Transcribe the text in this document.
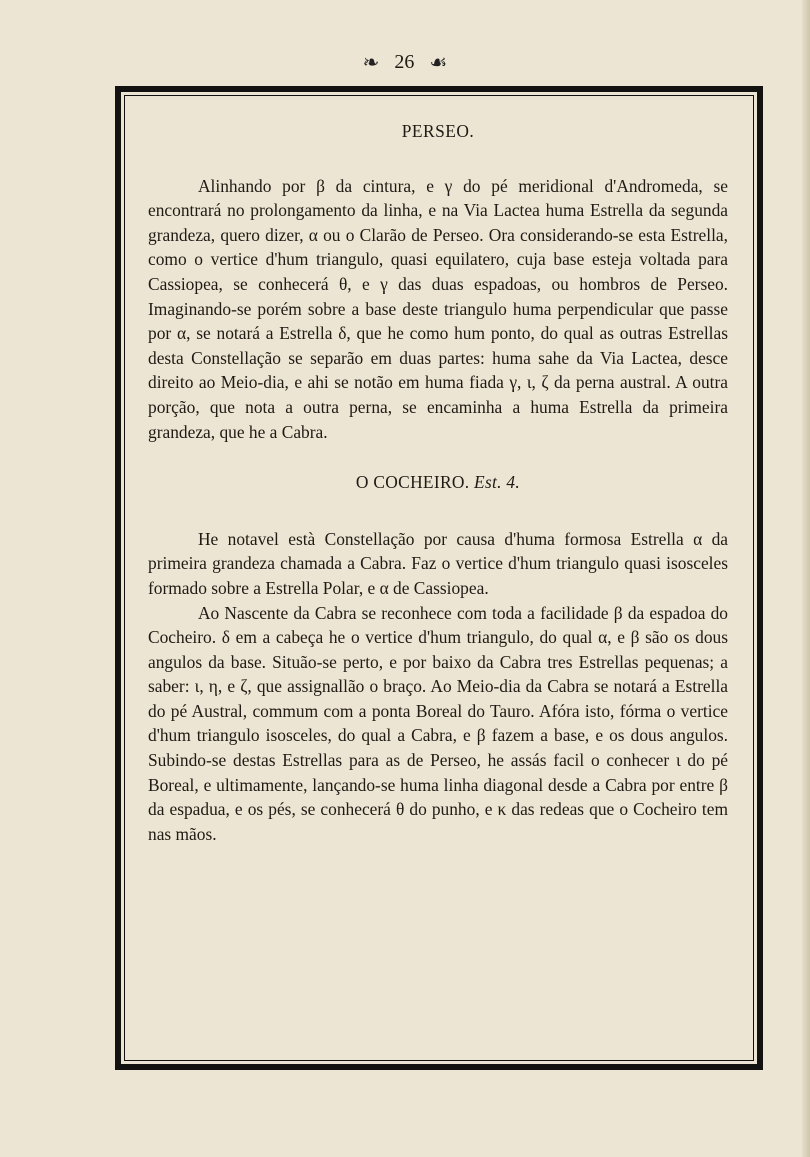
❧ 26 ☙
PERSEO.

Alinhando por β da cintura, e γ do pé meridional d'Andromeda, se encontrará no prolongamento da linha, e na Via Lactea huma Estrella da segunda grandeza, quero dizer, α ou o Clarão de Perseo. Ora considerando-se esta Estrella, como o vertice d'hum triangulo, quasi equilatero, cuja base esteja voltada para Cassiopea, se conhecerá θ, e γ das duas espadoas, ou hombros de Perseo. Imaginando-se porém sobre a base deste triangulo huma perpendicular que passe por α, se notará a Estrella δ, que he como hum ponto, do qual as outras Estrellas desta Constellação se separão em duas partes: huma sahe da Via Lactea, desce direito ao Meio-dia, e ahi se notão em huma fiada γ, ι, ζ da perna austral. A outra porção, que nota a outra perna, se encaminha a huma Estrella da primeira grandeza, que he a Cabra.

O COCHEIRO. Est. 4.

He notavel està Constellação por causa d'huma formosa Estrella α da primeira grandeza chamada a Cabra. Faz o vertice d'hum triangulo quasi isosceles formado sobre a Estrella Polar, e α de Cassiopea.

Ao Nascente da Cabra se reconhece com toda a facilidade β da espadoa do Cocheiro. δ em a cabeça he o vertice d'hum triangulo, do qual α, e β são os dous angulos da base. Situão-se perto, e por baixo da Cabra tres Estrellas pequenas; a saber: ι, η, e ζ, que assignallão o braço. Ao Meio-dia da Cabra se notará a Estrella do pé Austral, commum com a ponta Boreal do Tauro. Afóra isto, fórma o vertice d'hum triangulo isosceles, do qual a Cabra, e β fazem a base, e os dous angulos. Subindo-se destas Estrellas para as de Perseo, he assás facil o conhecer ι do pé Boreal, e ultimamente, lançando-se huma linha diagonal desde a Cabra por entre β da espadua, e os pés, se conhecerá θ do punho, e κ das redeas que o Cocheiro tem nas mãos.
